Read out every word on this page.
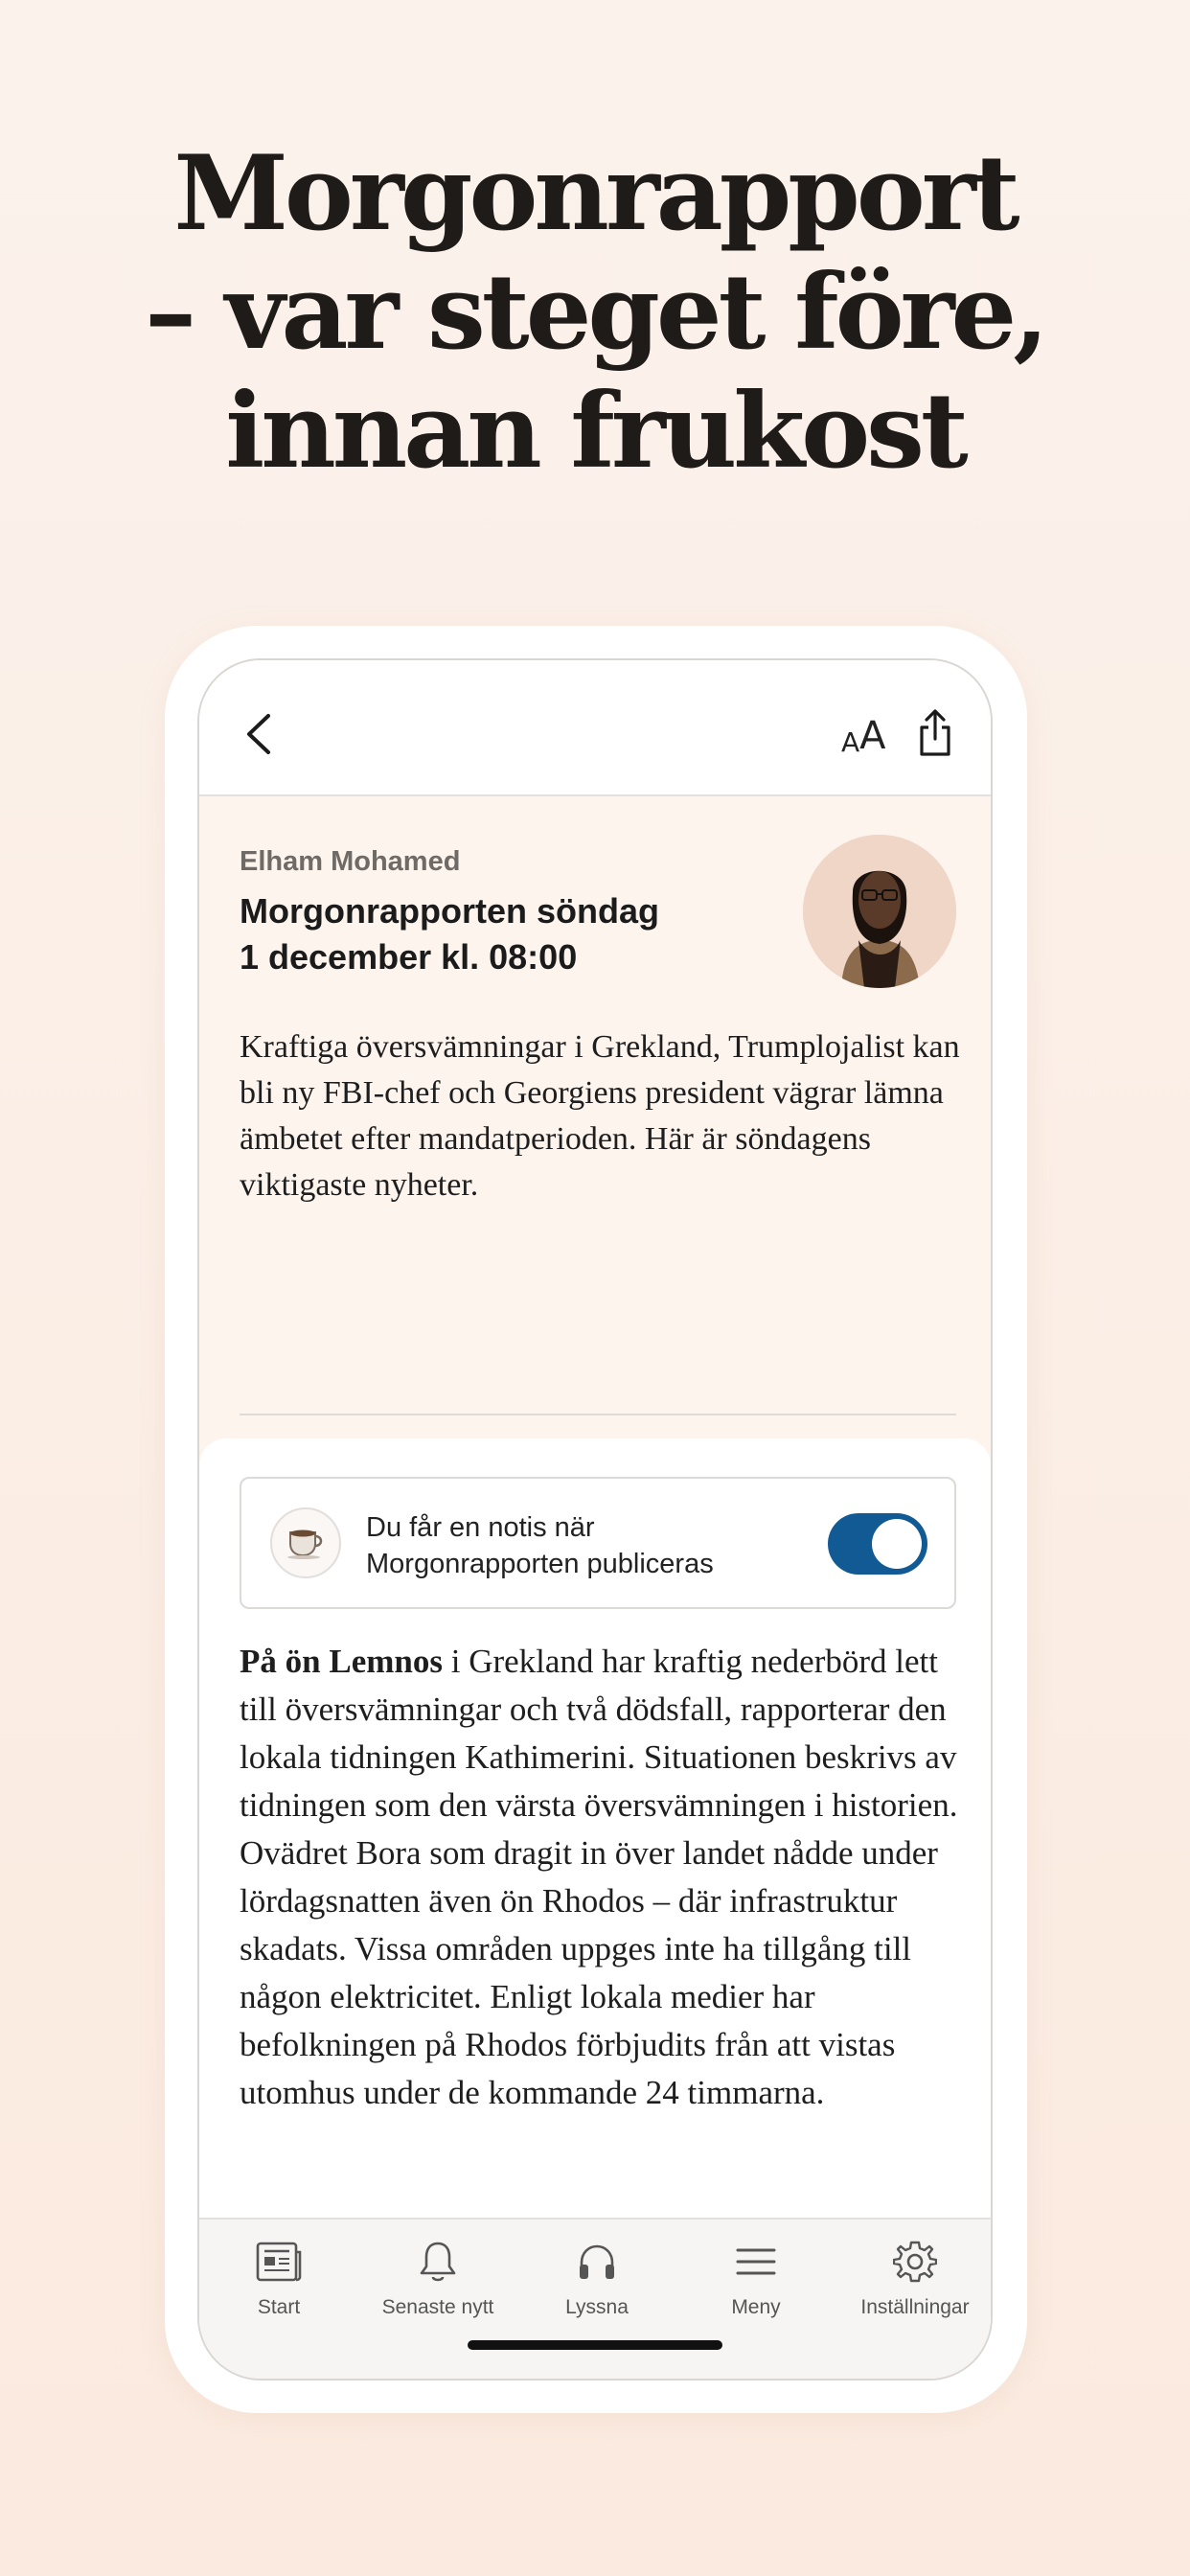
Morgonrapport
– var steget före,
innan frukost
A A
Elham Mohamed
Morgonrapporten söndag
1 december kl. 08:00
Kraftiga översvämningar i Grekland, Trumplojalist kan bli ny FBI-chef och Georgiens president vägrar lämna ämbetet efter mandatperioden. Här är söndagens viktigaste nyheter.
Du får en notis när Morgonrapporten publiceras
På ön Lemnos i Grekland har kraftig nederbörd lett till översvämningar och två dödsfall, rapporterar den lokala tidningen Kathimerini. Situationen beskrivs av tidningen som den värsta översvämningen i historien. Ovädret Bora som dragit in över landet nådde under lördagsnatten även ön Rhodos – där infrastruktur skadats. Vissa områden uppges inte ha tillgång till någon elektricitet. Enligt lokala medier har befolkningen på Rhodos förbjudits från att vistas utomhus under de kommande 24 timmarna.
Start	Senaste nytt	Lyssna	Meny	Inställningar
